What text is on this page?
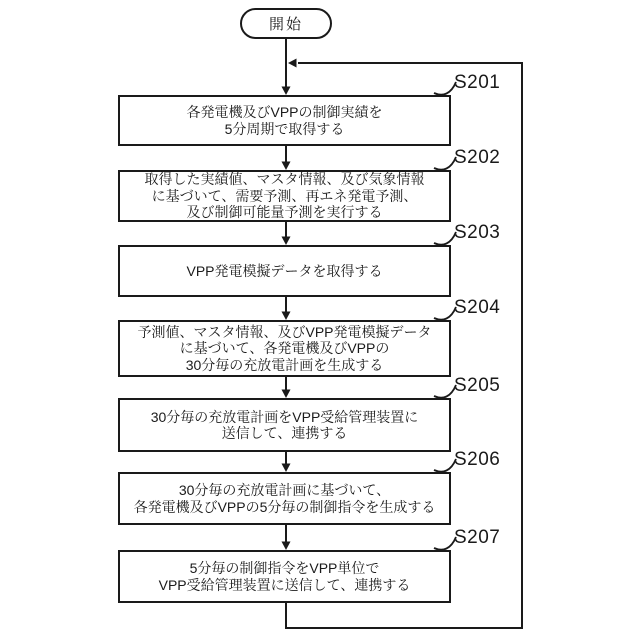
開始
各発電機及びVPPの制御実績を
5分周期で取得する
取得した実績値、マスタ情報、及び気象情報
に基づいて、需要予測、再エネ発電予測、
及び制御可能量予測を実行する
VPP発電模擬データを取得する
予測値、マスタ情報、及びVPP発電模擬データ
に基づいて、各発電機及びVPPの
30分毎の充放電計画を生成する
30分毎の充放電計画をVPP受給管理装置に
送信して、連携する
30分毎の充放電計画に基づいて、
各発電機及びVPPの5分毎の制御指令を生成する
5分毎の制御指令をVPP単位で
VPP受給管理装置に送信して、連携する
S201
S202
S203
S204
S205
S206
S207
